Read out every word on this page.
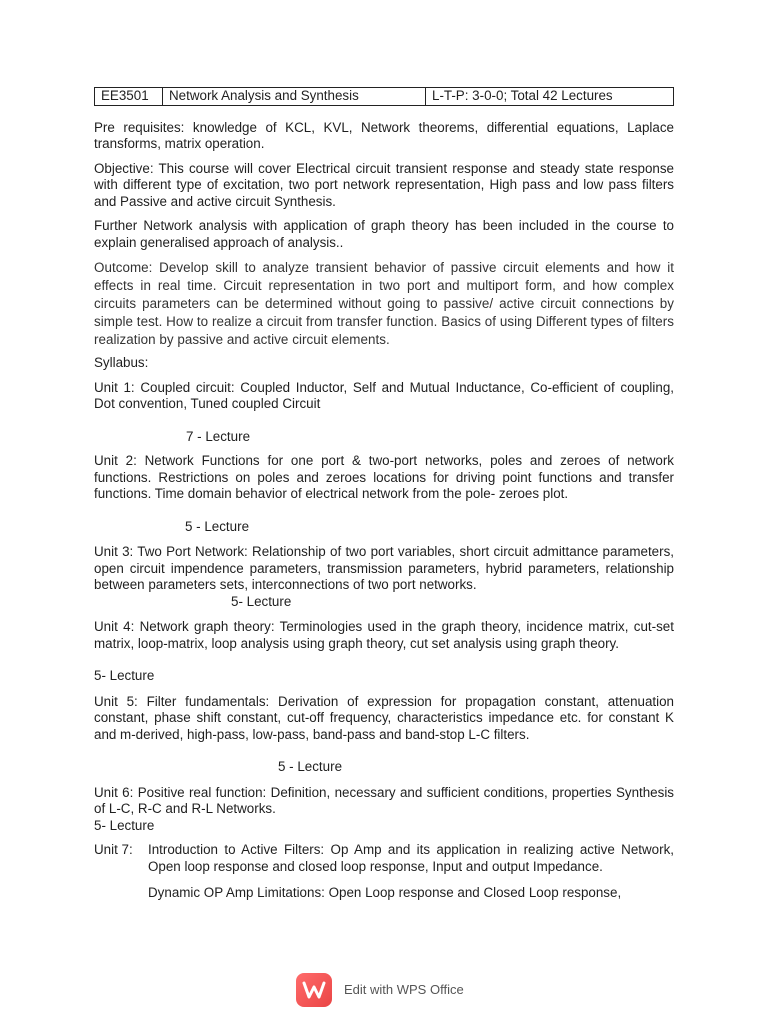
EE3501	Network Analysis and Synthesis	L-T-P: 3-0-0; Total 42 Lectures

Pre requisites: knowledge of KCL, KVL, Network theorems, differential equations, Laplace transforms, matrix operation.

Objective: This course will cover Electrical circuit transient response and steady state response with different type of excitation, two port network representation, High pass and low pass filters and Passive and active circuit Synthesis.

Further Network analysis with application of graph theory has been included in the course to explain generalised approach of analysis..

Outcome: Develop skill to analyze transient behavior of passive circuit elements and how it effects in real time. Circuit representation in two port and multiport form, and how complex circuits parameters can be determined without going to passive/ active circuit connections by simple test. How to realize a circuit from transfer function. Basics of using Different types of filters realization by passive and active circuit elements.

Syllabus:

Unit 1: Coupled circuit: Coupled Inductor, Self and Mutual Inductance, Co-efficient of coupling, Dot convention, Tuned coupled Circuit

7 - Lecture

Unit 2: Network Functions for one port & two-port networks, poles and zeroes of network functions. Restrictions on poles and zeroes locations for driving point functions and transfer functions. Time domain behavior of electrical network from the pole- zeroes plot.

5 - Lecture

Unit 3: Two Port Network: Relationship of two port variables, short circuit admittance parameters, open circuit impendence parameters, transmission parameters, hybrid parameters, relationship between parameters sets, interconnections of two port networks.

5- Lecture

Unit 4: Network graph theory: Terminologies used in the graph theory, incidence matrix, cut-set matrix, loop-matrix, loop analysis using graph theory, cut set analysis using graph theory.

5- Lecture

Unit 5: Filter fundamentals: Derivation of expression for propagation constant, attenuation constant, phase shift constant, cut-off frequency, characteristics impedance etc. for constant K and m-derived, high-pass, low-pass, band-pass and band-stop L-C filters.

5 - Lecture

Unit 6: Positive real function: Definition, necessary and sufficient conditions, properties Synthesis of L-C, R-C and R-L Networks.

5- Lecture

Unit 7:	Introduction to Active Filters: Op Amp and its application in realizing active Network, Open loop response and closed loop response, Input and output Impedance.

Dynamic OP Amp Limitations: Open Loop response and Closed Loop response,

Edit with WPS Office
